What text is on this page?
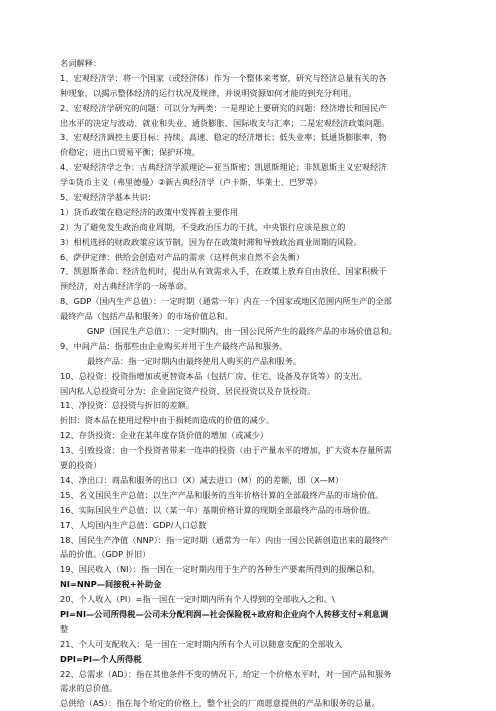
名词解释：
1、宏观经济学：将一个国家（或经济体）作为一个整体来考察，研究与经济总量有关的各
种现象，以揭示整体经济的运行状况及规律，并说明资源如何才能的到充分利用。
2、宏观经济学研究的问题：可以分为两类：一是理论上要研究的问题：经济增长和国民产
出水平的决定与波动、就业和失业、通货膨胀、国际收支与汇率；二是宏观经济政策问题。
3、宏观经济调控主要目标：持续、高速、稳定的经济增长；低失业率；低通货膨胀率，物
价稳定；进出口贸易平衡；保护环境。
4、宏观经济学之争：古典经济学派理论—亚当斯密；凯恩斯理论；非凯恩斯主义宏观经济
学①货币主义（弗里德曼）②新古典经济学（卢卡斯、华莱士、巴罗等）
5、宏观经济学基本共识：
1）货币政策在稳定经济的政策中发挥着主要作用
2）为了避免发生政治商业周期，不受政治压力的干扰，中央银行应该是独立的
3）相机选择的财政政策应该节制，因为存在政策时滞和导致政治商业周期的风险。
6、萨伊定律：供给会创造对产品的需求（这样供求自然不会失衡）
7、凯恩斯革命：经济危机时，提出从有效需求入手，在政策上放弃自由放任、国家积极干
预经济，对古典经济学的一场革命。
8、GDP（国内生产总值）：一定时期（通常一年）内在一个国家或地区范围内所生产的全部
最终产品（包括产品和服务）的市场价值总和。
GNP（国民生产总值）：一定时期内，由一国公民所产生的最终产品的市场价值总和。
9、中间产品：指那些由企业购买并用于生产最终产品和服务。
最终产品：指一定时期内由最终使用人购买的产品和服务。
10、总投资：投资指增加或更替资本品（包括厂房、住宅、设备及存货等）的支出。
国内私人总投资可分为：企业固定资产投资、居民投资以及存货投资。
11、净投资：总投资与折旧的差额。
折旧：资本品在使用过程中由于损耗而造成的价值的减少。
12、存货投资：企业在某年度存货价值的增加（或减少）
13、引致投资：由一个投资者带来一连串的投资（由于产量水平的增加，扩大资本存量所需
要的投资）
14、净出口：商品和服务的出口（X）减去进口（M）的的差额，即（X—M）
15、名义国民生产总值：以生产产品和服务的当年价格计算的全部最终产品的市场价值。
16、实际国民生产总值：以（某一年）基期价格计算的现期全部最终产品的市场价值。
17、人均国内生产总值：GDP/人口总数
18、国民生产净值（NNP）：指一定时期（通常为一年）内由一国公民新创造出来的最终产
品的价值。（GDP 折旧）
19、国民收入（NI）：指一国在一定时期内用于生产的各种生产要素所得到的报酬总和。
NI=NNP—间接税+补助金
20、个人收入（PI）=指一国在一定时期内所有个人得到的全部收入之和。\
PI=NI—公司所得税—公司未分配利润—社会保险税+政府和企业向个人转移支付+利息调
整
21、个人可支配收入：是一国在一定时期内所有个人可以随意支配的全部收入
DPI=PI—个人所得税
22、总需求（AD）：指在其他条件不变的情况下，给定一个价格水平时，对一国产品和服务
需求的总价值。
总供给（AS）：指在每个给定的价格上，整个社会的厂商愿意提供的产品和服务的总量。
